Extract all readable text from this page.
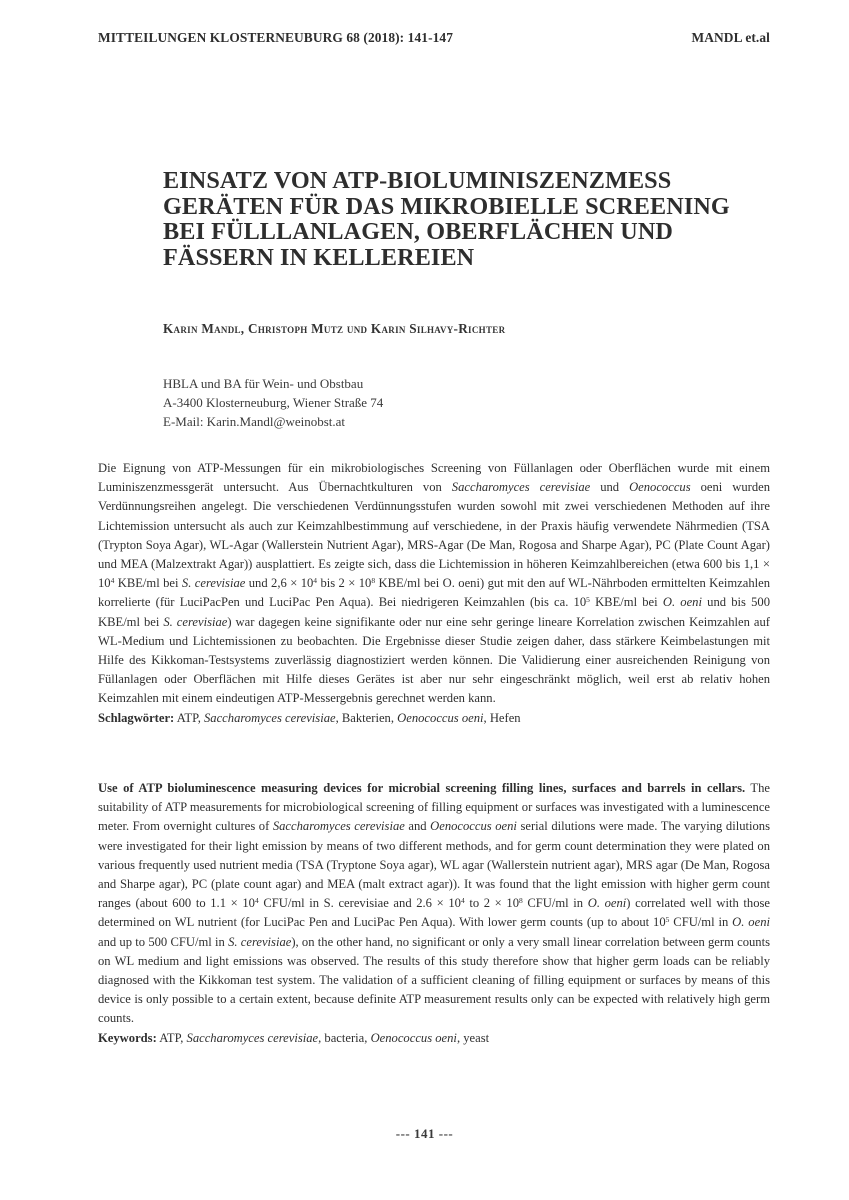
MITTEILUNGEN KLOSTERNEUBURG 68 (2018): 141-147	MANDL et.al
EINSATZ VON ATP-BIOLUMINISZENZMESS
GERÄTEN FÜR DAS MIKROBIELLE SCREENING
BEI FÜLLLANLAGEN, OBERFLÄCHEN UND
FÄSSERN IN KELLEREIEN
Karin Mandl, Christoph Mutz und Karin Silhavy-Richter
HBLA und BA für Wein- und Obstbau
A-3400 Klosterneuburg, Wiener Straße 74
E-Mail: Karin.Mandl@weinobst.at

Die Eignung von ATP-Messungen für ein mikrobiologisches Screening von Füllanlagen oder Oberflächen wurde mit einem Luminiszenzmessgerät untersucht. Aus Übernachtkulturen von Saccharomyces cerevisiae und Oenococcus oeni wurden Verdünnungsreihen angelegt. Die verschiedenen Verdünnungsstufen wurden sowohl mit zwei verschiedenen Methoden auf ihre Lichtemission untersucht als auch zur Keimzahlbestimmung auf verschiedene, in der Praxis häufig verwendete Nährmedien (TSA (Trypton Soya Agar), WL-Agar (Wallerstein Nutrient Agar), MRS-Agar (De Man, Rogosa and Sharpe Agar), PC (Plate Count Agar) und MEA (Malzextrakt Agar)) ausplattiert. Es zeigte sich, dass die Lichtemission in höheren Keimzahlbereichen (etwa 600 bis $1,1 \times 10^4$ KBE/ml bei S. cerevisiae und $2,6 \times 10^4$ bis $2 \times 10^8$ KBE/ml bei O. oeni) gut mit den auf WL-Nährboden ermittelten Keimzahlen korrelierte (für LuciPacPen und LuciPac Pen Aqua). Bei niedrigeren Keimzahlen (bis ca. $10^5$ KBE/ml bei O. oeni und bis 500 KBE/ml bei S. cerevisiae) war dagegen keine signifikante oder nur eine sehr geringe lineare Korrelation zwischen Keimzahlen auf WL-Medium und Lichtemissionen zu beobachten. Die Ergebnisse dieser Studie zeigen daher, dass stärkere Keimbelastungen mit Hilfe des Kikkoman-Testsystems zuverlässig diagnostiziert werden können. Die Validierung einer ausreichenden Reinigung von Füllanlagen oder Oberflächen mit Hilfe dieses Gerätes ist aber nur sehr eingeschränkt möglich, weil erst ab relativ hohen Keimzahlen mit einem eindeutigen ATP-Messergebnis gerechnet werden kann.

Schlagwörter: ATP, Saccharomyces cerevisiae, Bakterien, Oenococcus oeni, Hefen

Use of ATP bioluminescence measuring devices for microbial screening filling lines, surfaces and barrels in cellars. The suitability of ATP measurements for microbiological screening of filling equipment or surfaces was investigated with a luminescence meter. From overnight cultures of Saccharomyces cerevisiae and Oenococcus oeni serial dilutions were made. The varying dilutions were investigated for their light emission by means of two different methods, and for germ count determination they were plated on various frequently used nutrient media (TSA (Tryptone Soya agar), WL agar (Wallerstein nutrient agar), MRS agar (De Man, Rogosa and Sharpe agar), PC (plate count agar) and MEA (malt extract agar)). It was found that the light emission with higher germ count ranges (about 600 to $1.1 \times 10^4$ CFU/ml in S. cerevisiae and $2.6 \times 10^4$ to $2 \times 10^8$ CFU/ml in O. oeni) correlated well with those determined on WL nutrient (for LuciPac Pen and LuciPac Pen Aqua). With lower germ counts (up to about $10^5$ CFU/ml in O. oeni and up to 500 CFU/ml in S. cerevisiae), on the other hand, no significant or only a very small linear correlation between germ counts on WL medium and light emissions was observed. The results of this study therefore show that higher germ loads can be reliably diagnosed with the Kikkoman test system. The validation of a sufficient cleaning of filling equipment or surfaces by means of this device is only possible to a certain extent, because definite ATP measurement results only can be expected with relatively high germ counts.

Keywords: ATP, Saccharomyces cerevisiae, bacteria, Oenococcus oeni, yeast

--- 141 ---
